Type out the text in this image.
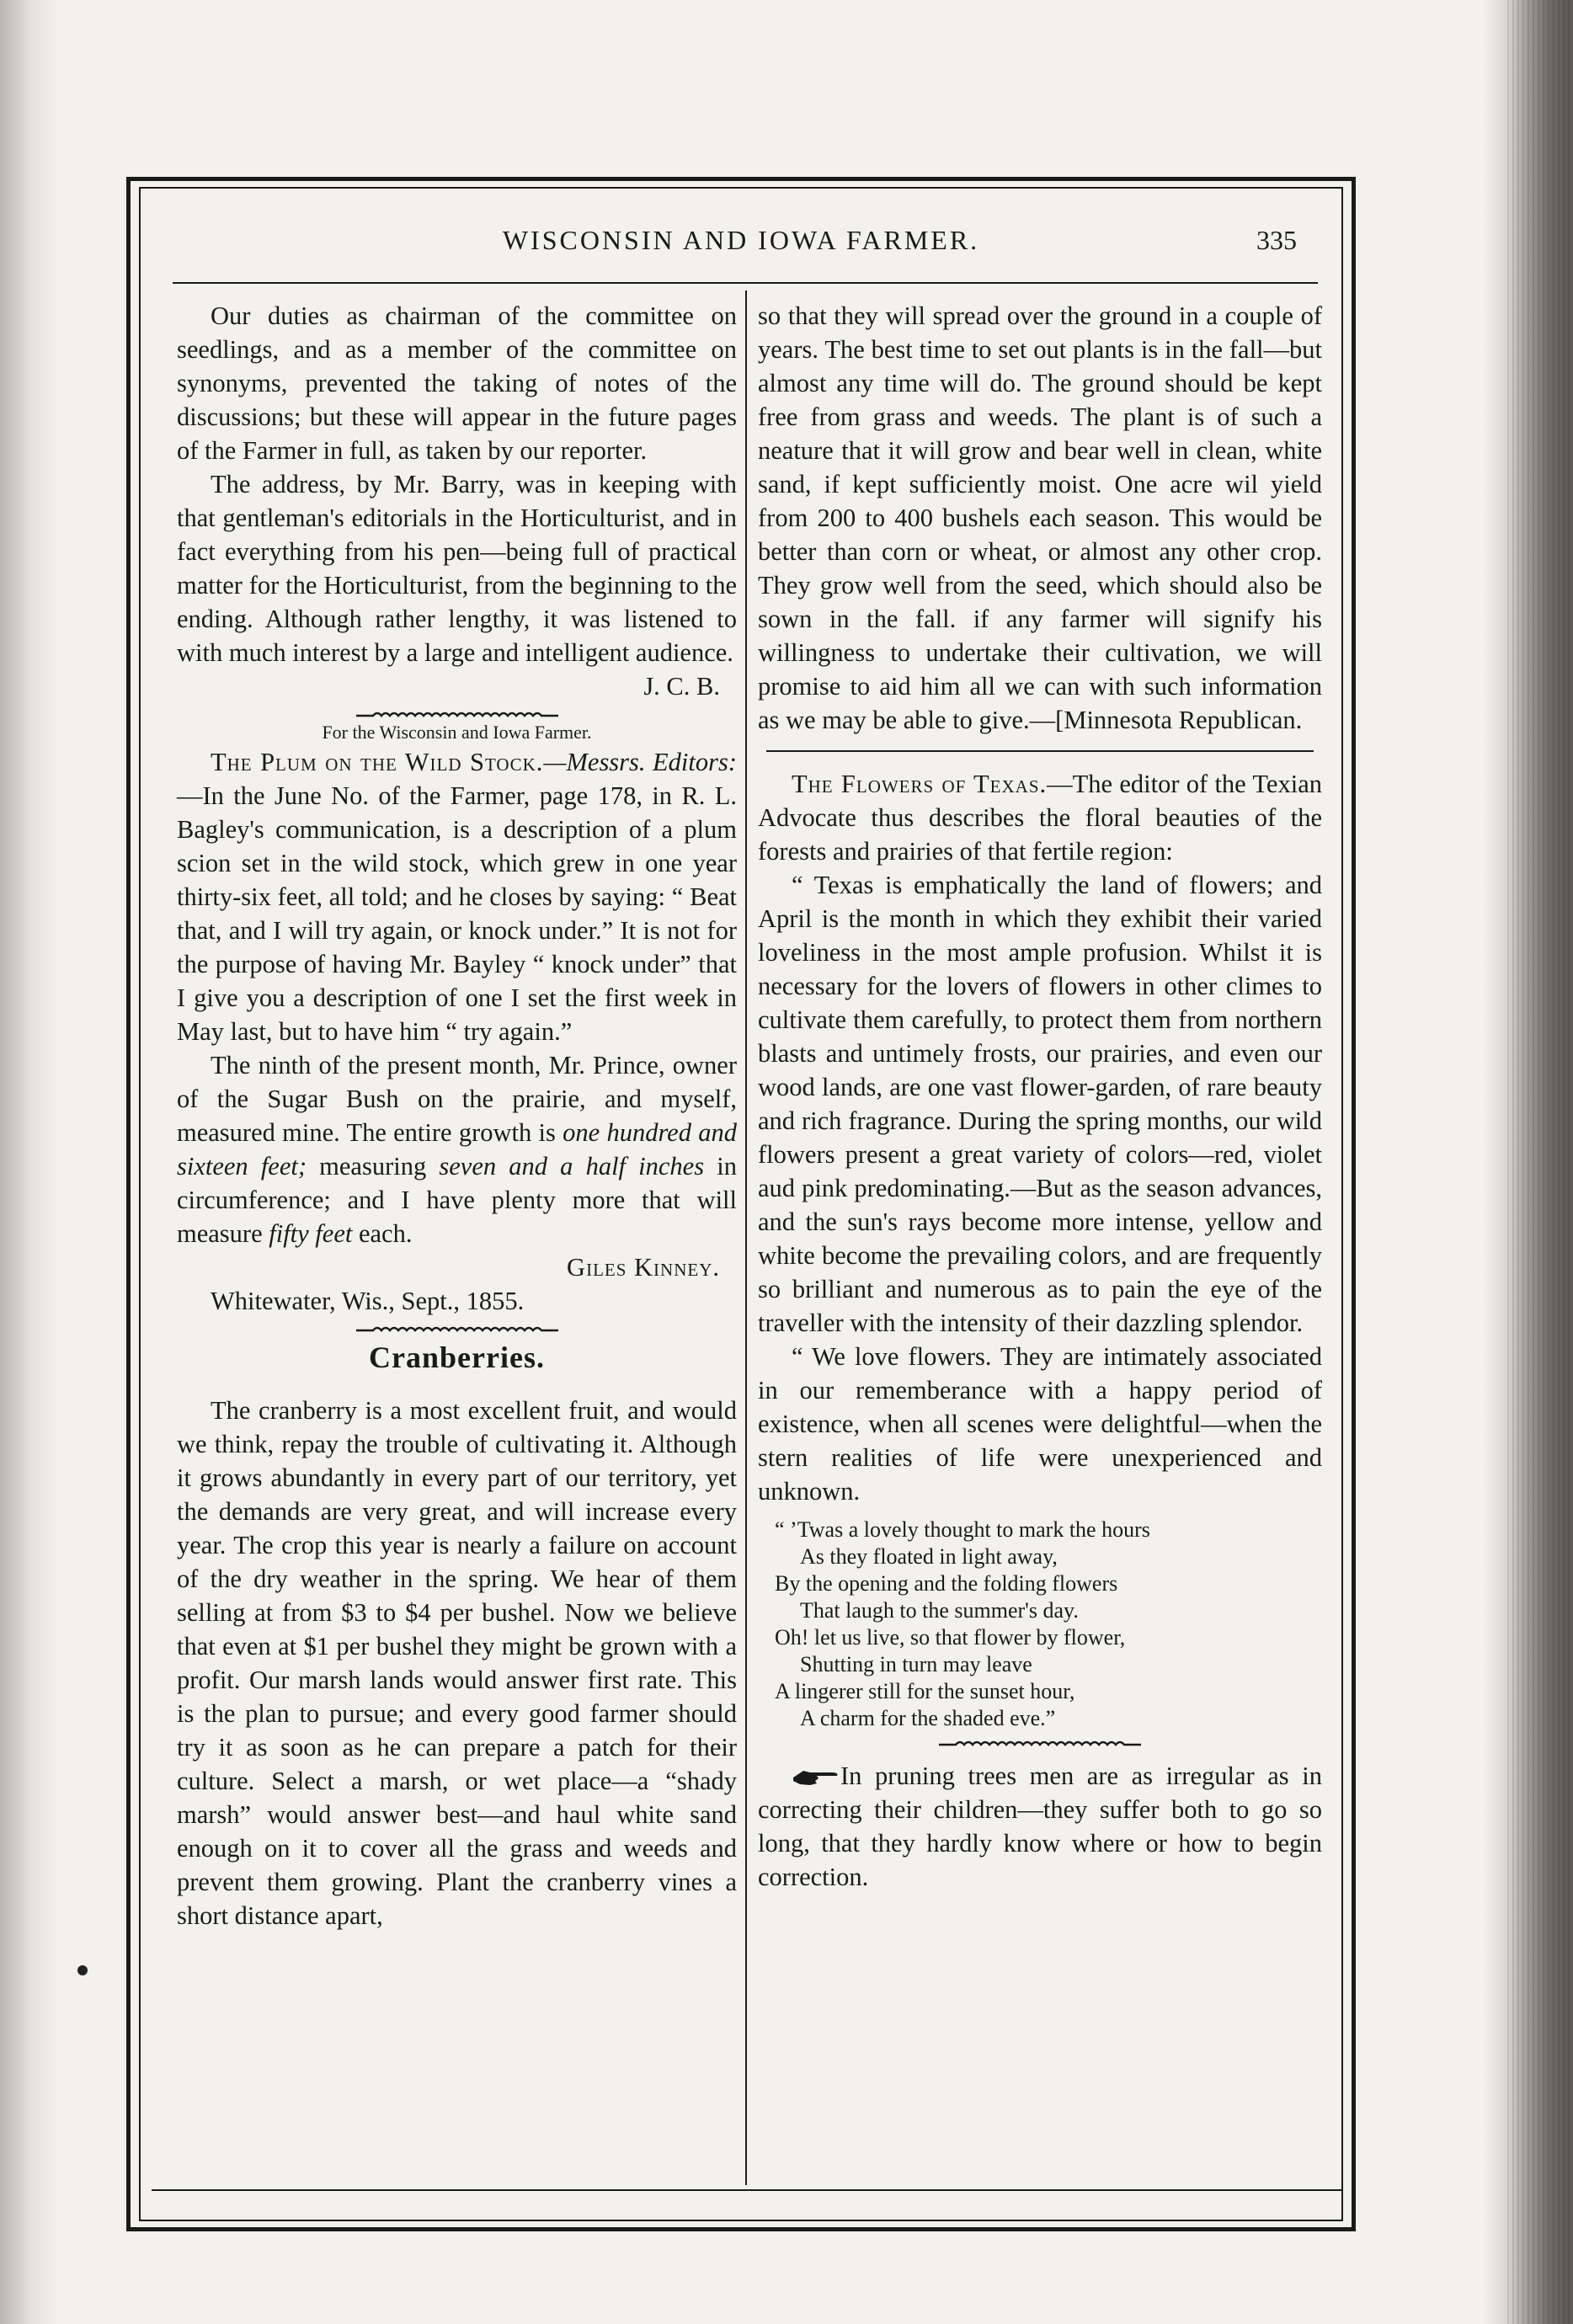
WISCONSIN AND IOWA FARMER.	335

Our duties as chairman of the committee on seedlings, and as a member of the committee on synonyms, prevented the taking of notes of the discussions; but these will appear in the future pages of the Farmer in full, as taken by our reporter.

The address, by Mr. Barry, was in keeping with that gentleman's editorials in the Horticulturist, and in fact everything from his pen—being full of practical matter for the Horticulturist, from the beginning to the ending. Although rather lengthy, it was listened to with much interest by a large and intelligent audience.

J. C. B.

For the Wisconsin and Iowa Farmer.

The Plum on the Wild Stock.—Messrs. Editors:—In the June No. of the Farmer, page 178, in R. L. Bagley's communication, is a description of a plum scion set in the wild stock, which grew in one year thirty-six feet, all told; and he closes by saying: “ Beat that, and I will try again, or knock under.” It is not for the purpose of having Mr. Bayley “ knock under” that I give you a description of one I set the first week in May last, but to have him “ try again.”

The ninth of the present month, Mr. Prince, owner of the Sugar Bush on the prairie, and myself, measured mine. The entire growth is one hundred and sixteen feet; measuring seven and a half inches in circumference; and I have plenty more that will measure fifty feet each.

Giles Kinney.

Whitewater, Wis., Sept., 1855.

Cranberries.

The cranberry is a most excellent fruit, and would we think, repay the trouble of cultivating it. Although it grows abundantly in every part of our territory, yet the demands are very great, and will increase every year. The crop this year is nearly a failure on account of the dry weather in the spring. We hear of them selling at from $3 to $4 per bushel. Now we believe that even at $1 per bushel they might be grown with a profit. Our marsh lands would answer first rate. This is the plan to pursue; and every good farmer should try it as soon as he can prepare a patch for their culture. Select a marsh, or wet place—a “shady marsh” would answer best—and haul white sand enough on it to cover all the grass and weeds and prevent them growing. Plant the cranberry vines a short distance apart,

so that they will spread over the ground in a couple of years. The best time to set out plants is in the fall—but almost any time will do. The ground should be kept free from grass and weeds. The plant is of such a neature that it will grow and bear well in clean, white sand, if kept sufficiently moist. One acre wil yield from 200 to 400 bushels each season. This would be better than corn or wheat, or almost any other crop. They grow well from the seed, which should also be sown in the fall. if any farmer will signify his willingness to undertake their cultivation, we will promise to aid him all we can with such information as we may be able to give.—[Minnesota Republican.

The Flowers of Texas.—The editor of the Texian Advocate thus describes the floral beauties of the forests and prairies of that fertile region:

“ Texas is emphatically the land of flowers; and April is the month in which they exhibit their varied loveliness in the most ample profusion. Whilst it is necessary for the lovers of flowers in other climes to cultivate them carefully, to protect them from northern blasts and untimely frosts, our prairies, and even our wood lands, are one vast flower-garden, of rare beauty and rich fragrance. During the spring months, our wild flowers present a great variety of colors—red, violet aud pink predominating.—But as the season advances, and the sun's rays become more intense, yellow and white become the prevailing colors, and are frequently so brilliant and numerous as to pain the eye of the traveller with the intensity of their dazzling splendor.

“ We love flowers. They are intimately associated in our rememberance with a happy period of existence, when all scenes were delightful—when the stern realities of life were unexperienced and unknown.

“ ’Twas a lovely thought to mark the hours
As they floated in light away,
By the opening and the folding flowers
That laugh to the summer's day.
Oh! let us live, so that flower by flower,
Shutting in turn may leave
A lingerer still for the sunset hour,
A charm for the shaded eve.”

In pruning trees men are as irregular as in correcting their children—they suffer both to go so long, that they hardly know where or how to begin correction.
